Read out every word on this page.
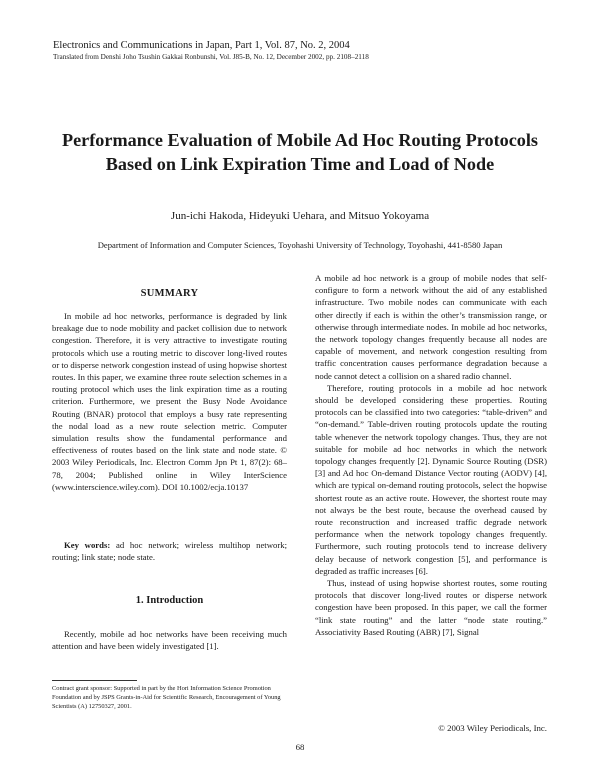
Electronics and Communications in Japan, Part 1, Vol. 87, No. 2, 2004
Translated from Denshi Joho Tsushin Gakkai Ronbunshi, Vol. J85-B, No. 12, December 2002, pp. 2108–2118
Performance Evaluation of Mobile Ad Hoc Routing Protocols
Based on Link Expiration Time and Load of Node
Jun-ichi Hakoda, Hideyuki Uehara, and Mitsuo Yokoyama
Department of Information and Computer Sciences, Toyohashi University of Technology, Toyohashi, 441-8580 Japan
SUMMARY

In mobile ad hoc networks, performance is degraded by link breakage due to node mobility and packet collision due to network congestion. Therefore, it is very attractive to investigate routing protocols which use a routing metric to discover long-lived routes or to disperse network congestion instead of using hopwise shortest routes. In this paper, we examine three route selection schemes in a routing protocol which uses the link expiration time as a routing criterion. Furthermore, we present the Busy Node Avoidance Routing (BNAR) protocol that employs a busy rate representing the nodal load as a new route selection metric. Computer simulation results show the fundamental performance and effectiveness of routes based on the link state and node state. © 2003 Wiley Periodicals, Inc. Electron Comm Jpn Pt 1, 87(2): 68–78, 2004; Published online in Wiley InterScience (www.interscience.wiley.com). DOI 10.1002/ecja.10137

Key words: ad hoc network; wireless multihop network; routing; link state; node state.

1. Introduction

Recently, mobile ad hoc networks have been receiving much attention and have been widely investigated [1].

Contract grant sponsor: Supported in part by the Hori Information Science Promotion Foundation and by JSPS Grants-in-Aid for Scientific Research, Encouragement of Young Scientists (A) 12750327, 2001.

A mobile ad hoc network is a group of mobile nodes that self-configure to form a network without the aid of any established infrastructure. Two mobile nodes can communicate with each other directly if each is within the other’s transmission range, or otherwise through intermediate nodes. In mobile ad hoc networks, the network topology changes frequently because all nodes are capable of movement, and network congestion resulting from traffic concentration causes performance degradation because a node cannot detect a collision on a shared radio channel.

Therefore, routing protocols in a mobile ad hoc network should be developed considering these properties. Routing protocols can be classified into two categories: “table-driven” and “on-demand.” Table-driven routing protocols update the routing table whenever the network topology changes. Thus, they are not suitable for mobile ad hoc networks in which the network topology changes frequently [2]. Dynamic Source Routing (DSR) [3] and Ad hoc On-demand Distance Vector routing (AODV) [4], which are typical on-demand routing protocols, select the hopwise shortest route as an active route. However, the shortest route may not always be the best route, because the overhead caused by route reconstruction and increased traffic degrade network performance when the network topology changes frequently. Furthermore, such routing protocols tend to increase delivery delay because of network congestion [5], and performance is degraded as traffic increases [6].

Thus, instead of using hopwise shortest routes, some routing protocols that discover long-lived routes or disperse network congestion have been proposed. In this paper, we call the former “link state routing” and the latter “node state routing.” Associativity Based Routing (ABR) [7], Signal

© 2003 Wiley Periodicals, Inc.
68
